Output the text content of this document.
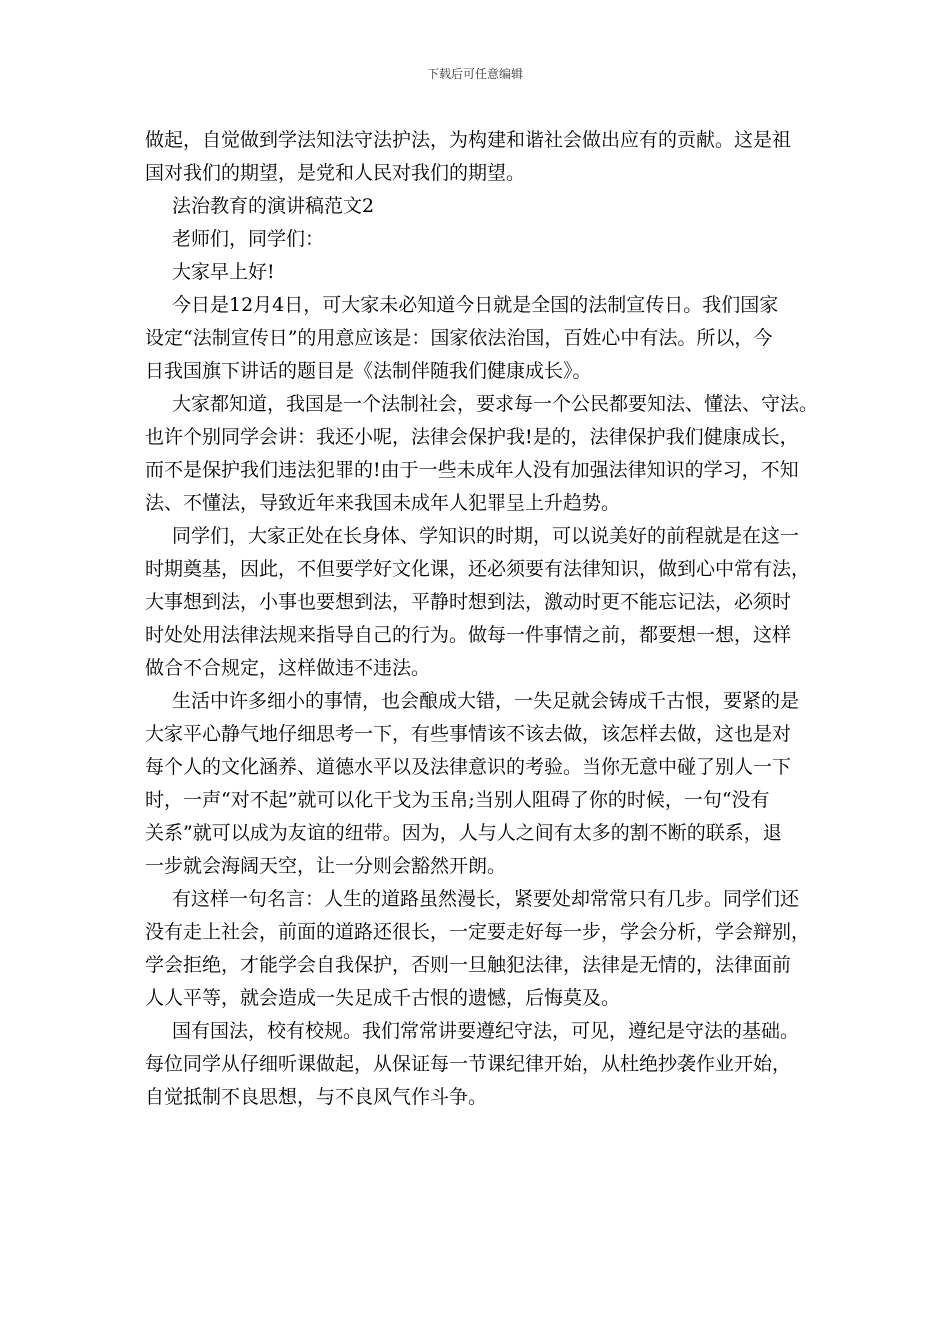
下载后可任意编辑
做起，自觉做到学法知法守法护法，为构建和谐社会做出应有的贡献。这是祖
国对我们的期望，是党和人民对我们的期望。
法治教育的演讲稿范文2
老师们，同学们：
大家早上好!
今日是12月4日，可大家未必知道今日就是全国的法制宣传日。我们国家
设定“法制宣传日”的用意应该是：国家依法治国，百姓心中有法。所以，今
日我国旗下讲话的题目是《法制伴随我们健康成长》。
大家都知道，我国是一个法制社会，要求每一个公民都要知法、懂法、守法。
也许个别同学会讲：我还小呢，法律会保护我!是的，法律保护我们健康成长，
而不是保护我们违法犯罪的!由于一些未成年人没有加强法律知识的学习，不知
法、不懂法，导致近年来我国未成年人犯罪呈上升趋势。
同学们，大家正处在长身体、学知识的时期，可以说美好的前程就是在这一
时期奠基，因此，不但要学好文化课，还必须要有法律知识，做到心中常有法，
大事想到法，小事也要想到法，平静时想到法，激动时更不能忘记法，必须时
时处处用法律法规来指导自己的行为。做每一件事情之前，都要想一想，这样
做合不合规定，这样做违不违法。
生活中许多细小的事情，也会酿成大错，一失足就会铸成千古恨，要紧的是
大家平心静气地仔细思考一下，有些事情该不该去做，该怎样去做，这也是对
每个人的文化涵养、道德水平以及法律意识的考验。当你无意中碰了别人一下
时，一声“对不起”就可以化干戈为玉帛;当别人阻碍了你的时候，一句“没有
关系”就可以成为友谊的纽带。因为，人与人之间有太多的割不断的联系，退
一步就会海阔天空，让一分则会豁然开朗。
有这样一句名言：人生的道路虽然漫长，紧要处却常常只有几步。同学们还
没有走上社会，前面的道路还很长，一定要走好每一步，学会分析，学会辩别，
学会拒绝，才能学会自我保护，否则一旦触犯法律，法律是无情的，法律面前
人人平等，就会造成一失足成千古恨的遗憾，后悔莫及。
国有国法，校有校规。我们常常讲要遵纪守法，可见，遵纪是守法的基础。
每位同学从仔细听课做起，从保证每一节课纪律开始，从杜绝抄袭作业开始，
自觉抵制不良思想，与不良风气作斗争。
